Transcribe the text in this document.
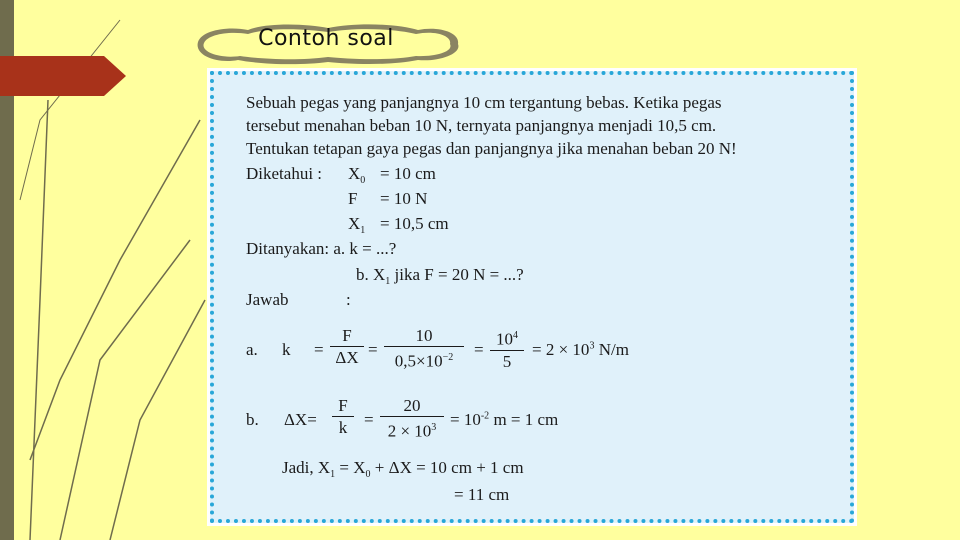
Contoh soal
Sebuah pegas yang panjangnya 10 cm tergantung bebas. Ketika pegas
tersebut menahan beban 10 N, ternyata panjangnya menjadi 10,5 cm.
Tentukan tetapan gaya pegas dan panjangnya jika menahan beban 20 N!
Diketahui : $X_0 = 10$ cm
F = 10 N
$X_1 = 10,5$ cm
Ditanyakan: a. k = ...?
b. $X_1$ jika F = 20 N = ...?
Jawab	:
a. $k = \frac{F}{\Delta X} = \frac{10}{0,5\times 10^{-2}} = \frac{10^4}{5} = 2 \times 10^3$ N/m
b. $\Delta X= \frac{F}{k} = \frac{20}{2 \times 10^3} = 10^{-2}$ m = 1 cm
Jadi, $X_1 = X_0 + \Delta X = 10$ cm + 1 cm
= 11 cm
